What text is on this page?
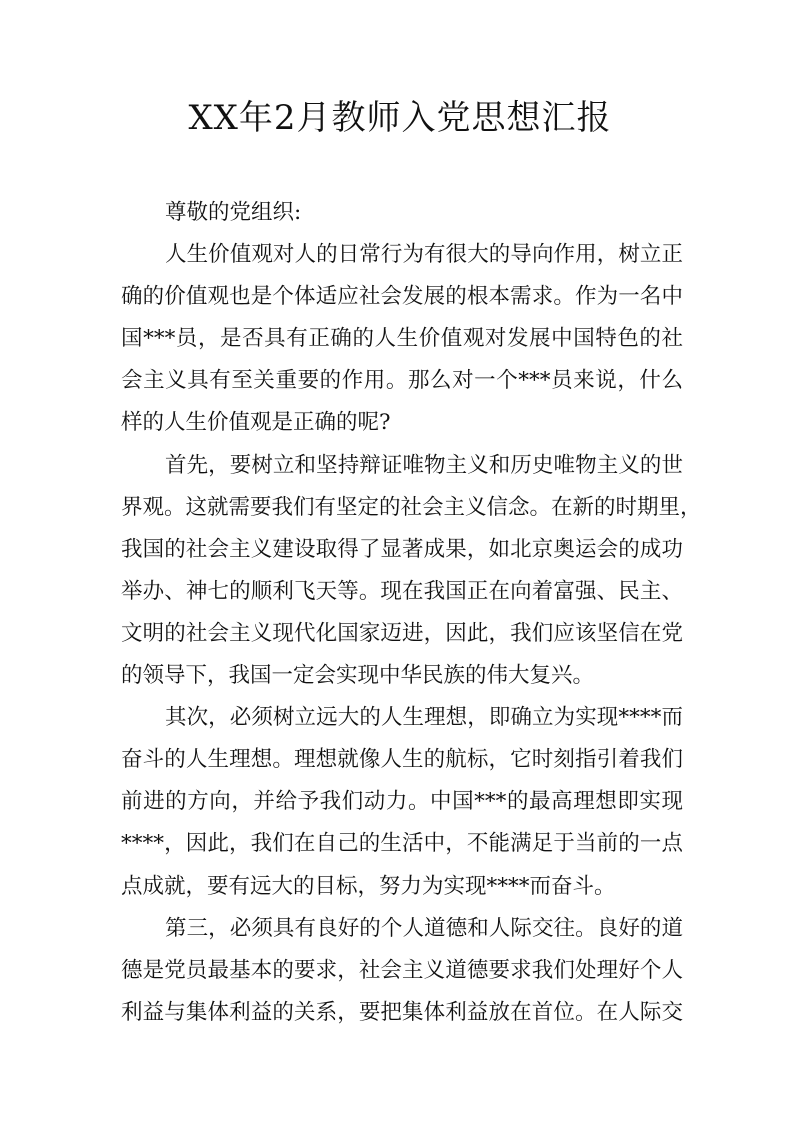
XX年2月教师入党思想汇报
尊敬的党组织:
人生价值观对人的日常行为有很大的导向作用，树立正
确的价值观也是个体适应社会发展的根本需求。作为一名中
国***员，是否具有正确的人生价值观对发展中国特色的社
会主义具有至关重要的作用。那么对一个***员来说，什么
样的人生价值观是正确的呢?
首先，要树立和坚持辩证唯物主义和历史唯物主义的世
界观。这就需要我们有坚定的社会主义信念。在新的时期里，
我国的社会主义建设取得了显著成果，如北京奥运会的成功
举办、神七的顺利飞天等。现在我国正在向着富强、民主、
文明的社会主义现代化国家迈进，因此，我们应该坚信在党
的领导下，我国一定会实现中华民族的伟大复兴。
其次，必须树立远大的人生理想，即确立为实现****而
奋斗的人生理想。理想就像人生的航标，它时刻指引着我们
前进的方向，并给予我们动力。中国***的最高理想即实现
****，因此，我们在自己的生活中，不能满足于当前的一点
点成就，要有远大的目标，努力为实现****而奋斗。
第三，必须具有良好的个人道德和人际交往。良好的道
德是党员最基本的要求，社会主义道德要求我们处理好个人
利益与集体利益的关系，要把集体利益放在首位。在人际交
